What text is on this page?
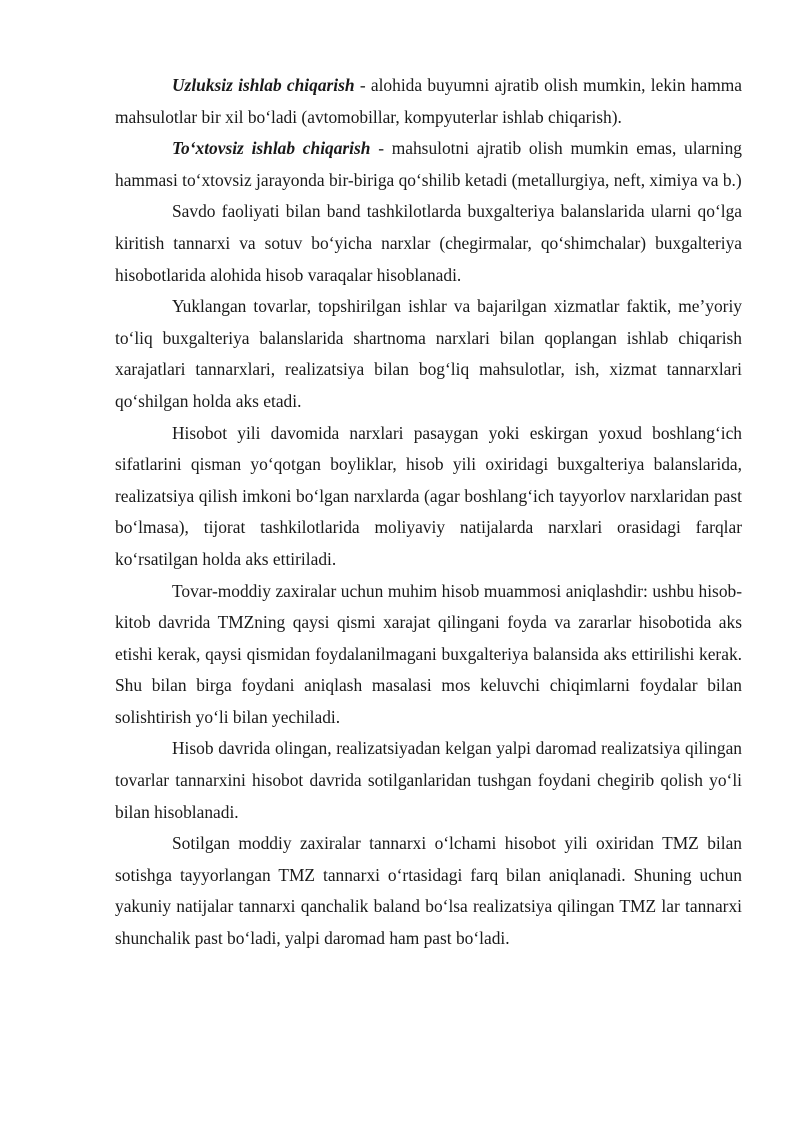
Uzluksiz ishlab chiqarish - alohida buyumni ajratib olish mumkin, lekin hamma mahsulotlar bir xil bo‘ladi (avtomobillar, kompyuterlar ishlab chiqarish).

To‘xtovsiz ishlab chiqarish - mahsulotni ajratib olish mumkin emas, ularning hammasi to‘xtovsiz jarayonda bir-biriga qo‘shilib ketadi (metallurgiya, neft, ximiya va b.)

Savdo faoliyati bilan band tashkilotlarda buxgalteriya balanslarida ularni qo‘lga kiritish tannarxi va sotuv bo‘yicha narxlar (chegirmalar, qo‘shimchalar) buxgalteriya hisobotlarida alohida hisob varaqalar hisoblanadi.

Yuklangan tovarlar, topshirilgan ishlar va bajarilgan xizmatlar faktik, me’yoriy to‘liq buxgalteriya balanslarida shartnoma narxlari bilan qoplangan ishlab chiqarish xarajatlari tannarxlari, realizatsiya bilan bog‘liq mahsulotlar, ish, xizmat tannarxlari qo‘shilgan holda aks etadi.

Hisobot yili davomida narxlari pasaygan yoki eskirgan yoxud boshlang‘ich sifatlarini qisman yo‘qotgan boyliklar, hisob yili oxiridagi buxgalteriya balanslarida, realizatsiya qilish imkoni bo‘lgan narxlarda (agar boshlang‘ich tayyorlov narxlaridan past bo‘lmasa), tijorat tashkilotlarida moliyaviy natijalarda narxlari orasidagi farqlar ko‘rsatilgan holda aks ettiriladi.

Tovar-moddiy zaxiralar uchun muhim hisob muammosi aniqlashdir: ushbu hisob-kitob davrida TMZning qaysi qismi xarajat qilingani foyda va zararlar hisobotida aks etishi kerak, qaysi qismidan foydalanilmagani buxgalteriya balansida aks ettirilishi kerak. Shu bilan birga foydani aniqlash masalasi mos keluvchi chiqimlarni foydalar bilan solishtirish yo‘li bilan yechiladi.

Hisob davrida olingan, realizatsiyadan kelgan yalpi daromad realizatsiya qilingan tovarlar tannarxini hisobot davrida sotilganlaridan tushgan foydani chegirib qolish yo‘li bilan hisoblanadi.

Sotilgan moddiy zaxiralar tannarxi o‘lchami hisobot yili oxiridan TMZ bilan sotishga tayyorlangan TMZ tannarxi o‘rtasidagi farq bilan aniqlanadi. Shuning uchun yakuniy natijalar tannarxi qanchalik baland bo‘lsa realizatsiya qilingan TMZ lar tannarxi shunchalik past bo‘ladi, yalpi daromad ham past bo‘ladi.
